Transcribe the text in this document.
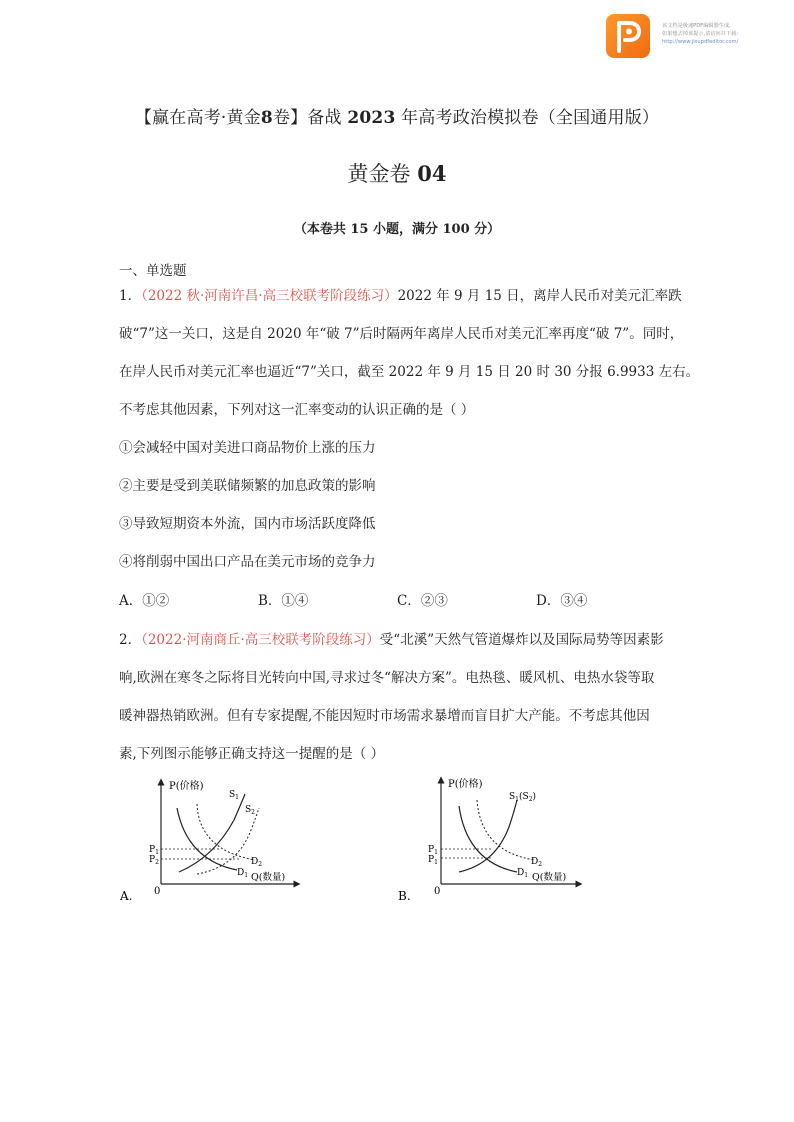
该文档是极速PDF编辑器生成,
如果想去掉该提示,请访问并下载:
http://www.jisupdfeditor.com/
【赢在高考·黄金8卷】备战 2023 年高考政治模拟卷（全国通用版）
黄金卷 04
（本卷共 15 小题，满分 100 分）
一、单选题
1．（2022 秋·河南许昌·高三校联考阶段练习）2022 年 9 月 15 日，离岸人民币对美元汇率跌
破“7”这一关口，这是自 2020 年“破 7”后时隔两年离岸人民币对美元汇率再度“破 7”。同时，
在岸人民币对美元汇率也逼近“7”关口，截至 2022 年 9 月 15 日 20 时 30 分报 6.9933 左右。
不考虑其他因素，下列对这一汇率变动的认识正确的是（ ）
①会减轻中国对美进口商品物价上涨的压力
②主要是受到美联储频繁的加息政策的影响
③导致短期资本外流，国内市场活跃度降低
④将削弱中国出口产品在美元市场的竞争力
A．①②	B．①④	C．②③	D．③④
2．（2022·河南商丘·高三校联考阶段练习）受“北溪”天然气管道爆炸以及国际局势等因素影
响,欧洲在寒冬之际将目光转向中国,寻求过冬“解决方案”。电热毯、暖风机、电热水袋等取
暖神器热销欧洲。但有专家提醒,不能因短时市场需求暴增而盲目扩大产能。不考虑其他因
素,下列图示能够正确支持这一提醒的是（ ）
P(价格)
Q(数量)
0
$P_1$
$P_2$
$S_1$
$S_2$
$D_2$
$D_1$
A.
P(价格)
Q(数量)
0
$P_1$
$P_1$
$S_1(S_2)$
$D_2$
$D_1$
B.
